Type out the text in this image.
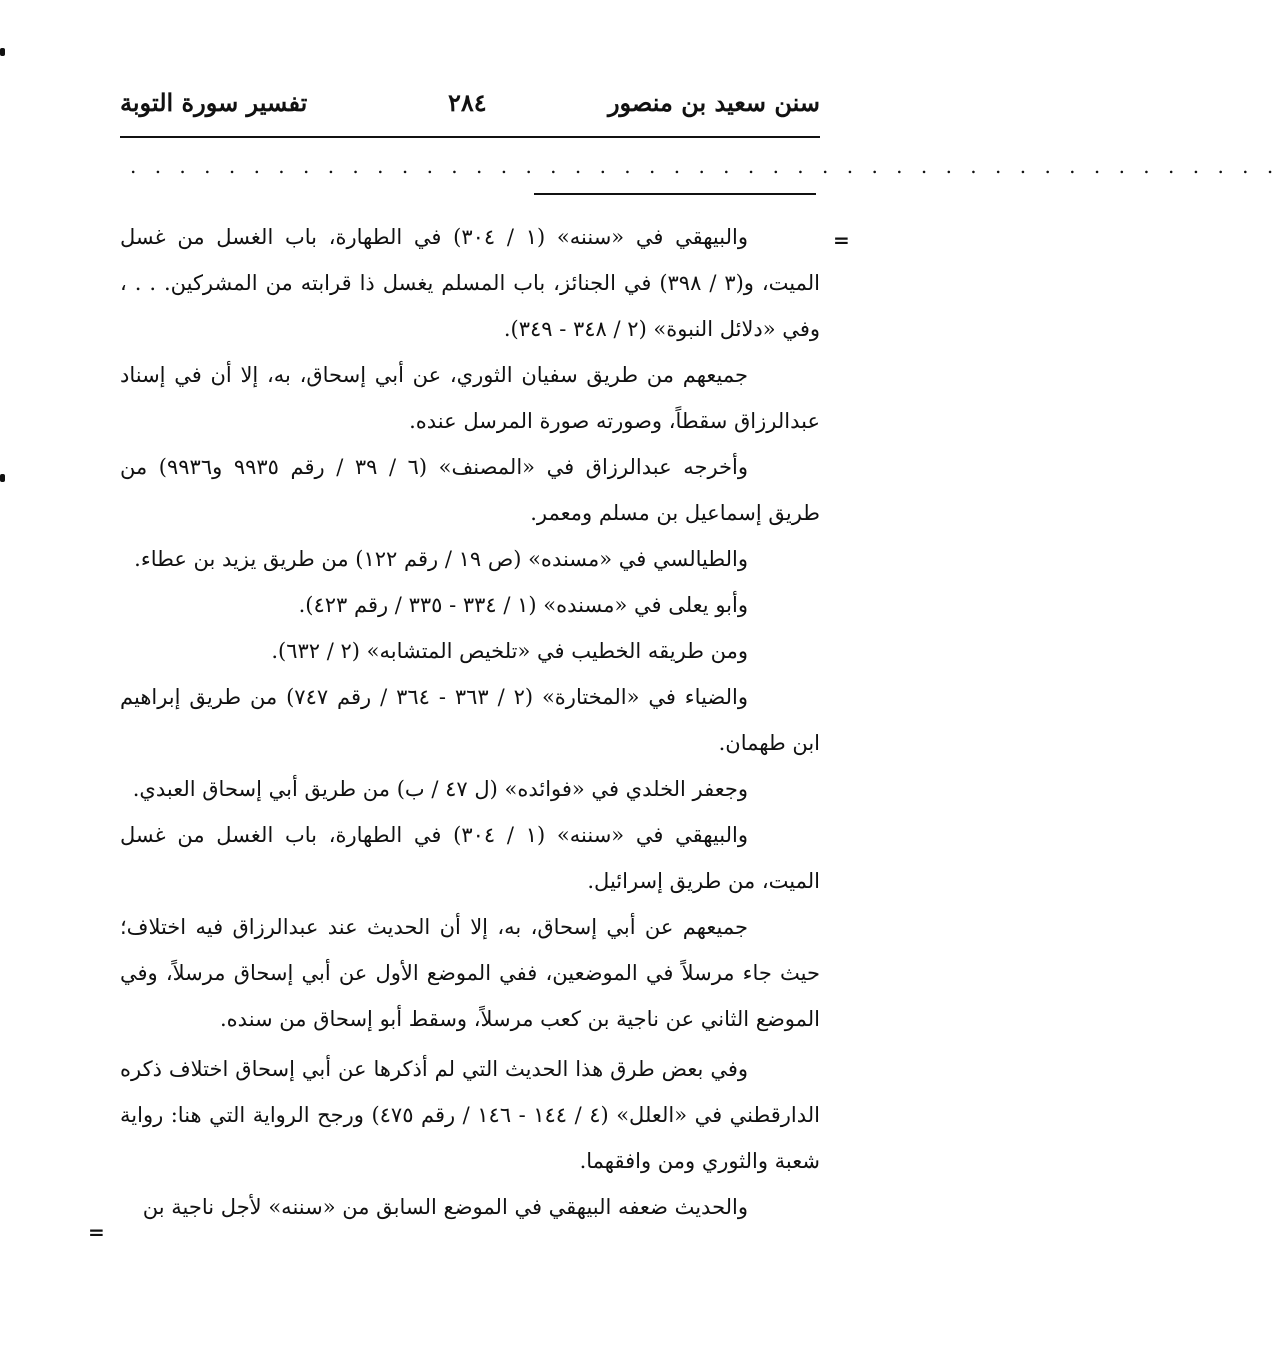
سنن سعيد بن منصور
٢٨٤
تفسير سورة التوبة
. . . . . . . . . . . . . . . . . . . . . . . . . . . . . . . . . . . . . . . . . . . . . . .
=

والبيهقي في «سننه» (١ / ٣٠٤) في الطهارة، باب الغسل من غسل الميت، و(٣ / ٣٩٨) في الجنائز، باب المسلم يغسل ذا قرابته من المشركين. . . ، وفي «دلائل النبوة» (٢ / ٣٤٨ - ٣٤٩).

جميعهم من طريق سفيان الثوري، عن أبي إسحاق، به، إلا أن في إسناد عبدالرزاق سقطاً، وصورته صورة المرسل عنده.

وأخرجه عبدالرزاق في «المصنف» (٦ / ٣٩ / رقم ٩٩٣٥ و٩٩٣٦) من طريق إسماعيل بن مسلم ومعمر.

والطيالسي في «مسنده» (ص ١٩ / رقم ١٢٢) من طريق يزيد بن عطاء.

وأبو يعلى في «مسنده» (١ / ٣٣٤ - ٣٣٥ / رقم ٤٢٣).

ومن طريقه الخطيب في «تلخيص المتشابه» (٢ / ٦٣٢).

والضياء في «المختارة» (٢ / ٣٦٣ - ٣٦٤ / رقم ٧٤٧) من طريق إبراهيم ابن طهمان.

وجعفر الخلدي في «فوائده» (ل ٤٧ / ب) من طريق أبي إسحاق العبدي.

والبيهقي في «سننه» (١ / ٣٠٤) في الطهارة، باب الغسل من غسل الميت، من طريق إسرائيل.

جميعهم عن أبي إسحاق، به، إلا أن الحديث عند عبدالرزاق فيه اختلاف؛ حيث جاء مرسلاً في الموضعين، ففي الموضع الأول عن أبي إسحاق مرسلاً، وفي الموضع الثاني عن ناجية بن كعب مرسلاً، وسقط أبو إسحاق من سنده.

وفي بعض طرق هذا الحديث التي لم أذكرها عن أبي إسحاق اختلاف ذكره الدارقطني في «العلل» (٤ / ١٤٤ - ١٤٦ / رقم ٤٧٥) ورجح الرواية التي هنا: رواية شعبة والثوري ومن وافقهما.

والحديث ضعفه البيهقي في الموضع السابق من «سننه» لأجل ناجية بن

=
